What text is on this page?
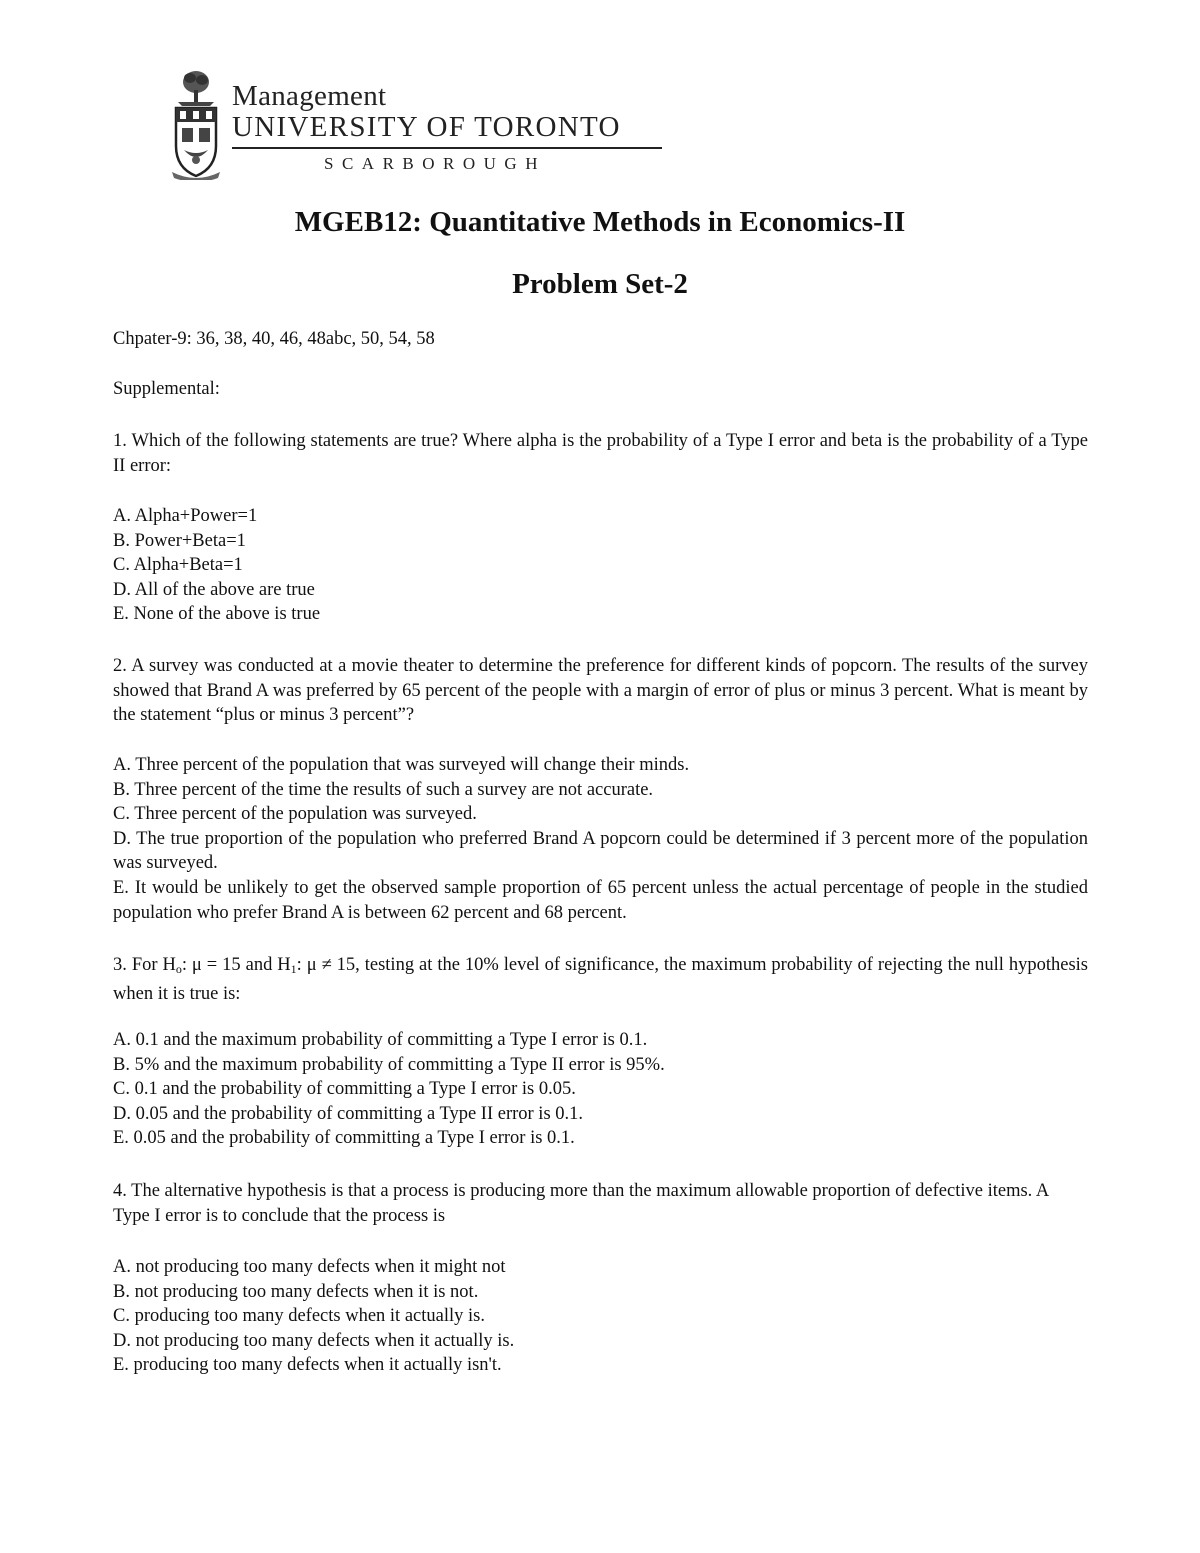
Management
UNIVERSITY OF TORONTO
SCARBOROUGH
MGEB12: Quantitative Methods in Economics-II
Problem Set-2
Chpater-9: 36, 38, 40, 46, 48abc, 50, 54, 58
Supplemental:
1. Which of the following statements are true? Where alpha is the probability of a Type I error and beta is the probability of a Type II error:
A. Alpha+Power=1
B. Power+Beta=1
C. Alpha+Beta=1
D. All of the above are true
E. None of the above is true
2. A survey was conducted at a movie theater to determine the preference for different kinds of popcorn. The results of the survey showed that Brand A was preferred by 65 percent of the people with a margin of error of plus or minus 3 percent. What is meant by the statement “plus or minus 3 percent”?
A. Three percent of the population that was surveyed will change their minds.
B. Three percent of the time the results of such a survey are not accurate.
C. Three percent of the population was surveyed.
D. The true proportion of the population who preferred Brand A popcorn could be determined if 3 percent more of the population was surveyed.
E. It would be unlikely to get the observed sample proportion of 65 percent unless the actual percentage of people in the studied population who prefer Brand A is between 62 percent and 68 percent.
3. For $H_o$: μ = 15 and $H_1$: μ ≠ 15, testing at the 10% level of significance, the maximum probability of rejecting the null hypothesis when it is true is:
A. 0.1 and the maximum probability of committing a Type I error is 0.1.
B. 5% and the maximum probability of committing a Type II error is 95%.
C. 0.1 and the probability of committing a Type I error is 0.05.
D. 0.05 and the probability of committing a Type II error is 0.1.
E. 0.05 and the probability of committing a Type I error is 0.1.
4. The alternative hypothesis is that a process is producing more than the maximum allowable proportion of defective items. A Type I error is to conclude that the process is
A. not producing too many defects when it might not
B. not producing too many defects when it is not.
C. producing too many defects when it actually is.
D. not producing too many defects when it actually is.
E. producing too many defects when it actually isn't.
